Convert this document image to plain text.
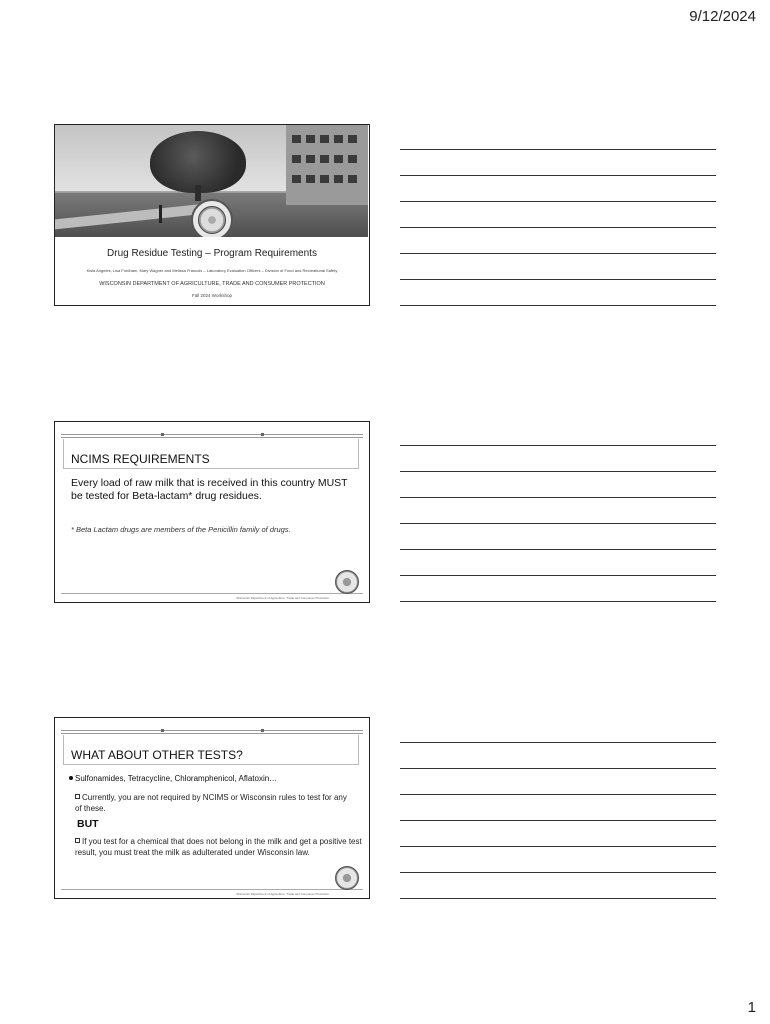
9/12/2024
Drug Residue Testing – Program Requirements
Kisia Angeles, Lisa Fordham, Mary Wagner and Melissa Francois – Laboratory Evaluation Officers – Division of Food and Recreational Safety
WISCONSIN DEPARTMENT OF AGRICULTURE, TRADE AND CONSUMER PROTECTION
Fall 2024 Workshop
NCIMS REQUIREMENTS
Every load of raw milk that is received in this country MUST be tested for Beta-lactam* drug residues.
* Beta Lactam drugs are members of the Penicillin family of drugs.
Wisconsin Department of Agriculture, Trade and Consumer Protection
WHAT ABOUT OTHER TESTS?
Sulfonamides, Tetracycline, Chloramphenicol, Aflatoxin…
Currently, you are not required by NCIMS or Wisconsin rules to test for any of these.
BUT
If you test for a chemical that does not belong in the milk and get a positive test result, you must treat the milk as adulterated under Wisconsin law.
Wisconsin Department of Agriculture, Trade and Consumer Protection
1
